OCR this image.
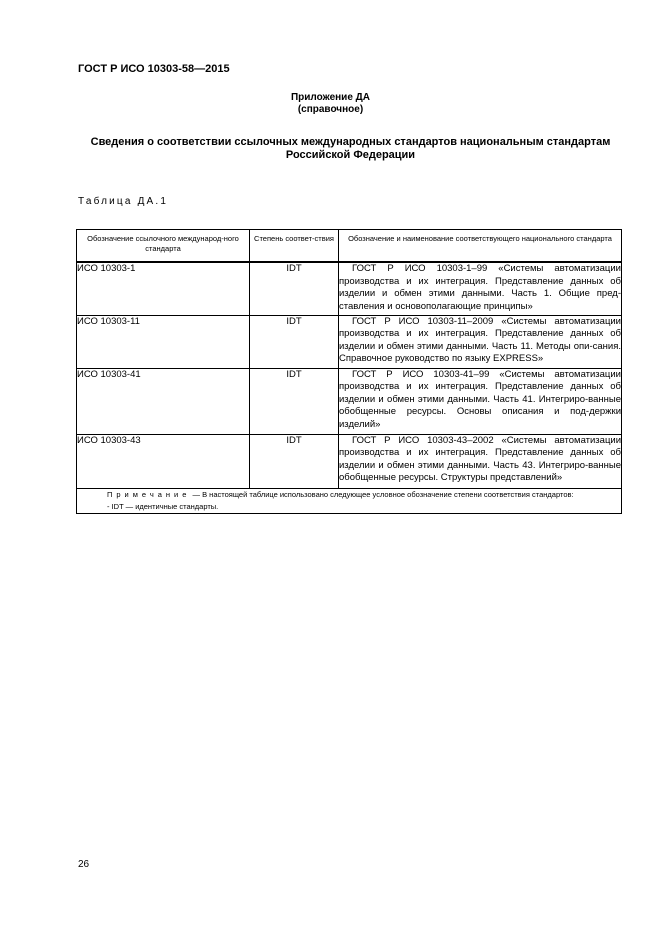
ГОСТ Р ИСО 10303-58—2015
Приложение ДА
(справочное)
Сведения о соответствии ссылочных международных стандартов национальным стандартам
Российской Федерации
Таблица ДА.1
Обозначение ссылочного международ-ного стандарта	Степень соответ-ствия	Обозначение и наименование соответствующего национального стандарта
ИСО 10303-1	IDT	ГОСТ Р ИСО 10303-1–99 «Системы автоматизации производства и их интеграция. Представление данных об изделии и обмен этими данными. Часть 1. Общие пред-ставления и основополагающие принципы»
ИСО 10303-11	IDT	ГОСТ Р ИСО 10303-11–2009 «Системы автоматизации производства и их интеграция. Представление данных об изделии и обмен этими данными. Часть 11. Методы опи-сания. Справочное руководство по языку EXPRESS»
ИСО 10303-41	IDT	ГОСТ Р ИСО 10303-41–99 «Системы автоматизации производства и их интеграция. Представление данных об изделии и обмен этими данными. Часть 41. Интегриро-ванные обобщенные ресурсы. Основы описания и под-держки изделий»
ИСО 10303-43	IDT	ГОСТ Р ИСО 10303-43–2002 «Системы автоматизации производства и их интеграция. Представление данных об изделии и обмен этими данными. Часть 43. Интегриро-ванные обобщенные ресурсы. Структуры представлений»

Примечание — В настоящей таблице использовано следующее условное обозначение степени соответствия стандартов:
- IDT — идентичные стандарты.		
26
